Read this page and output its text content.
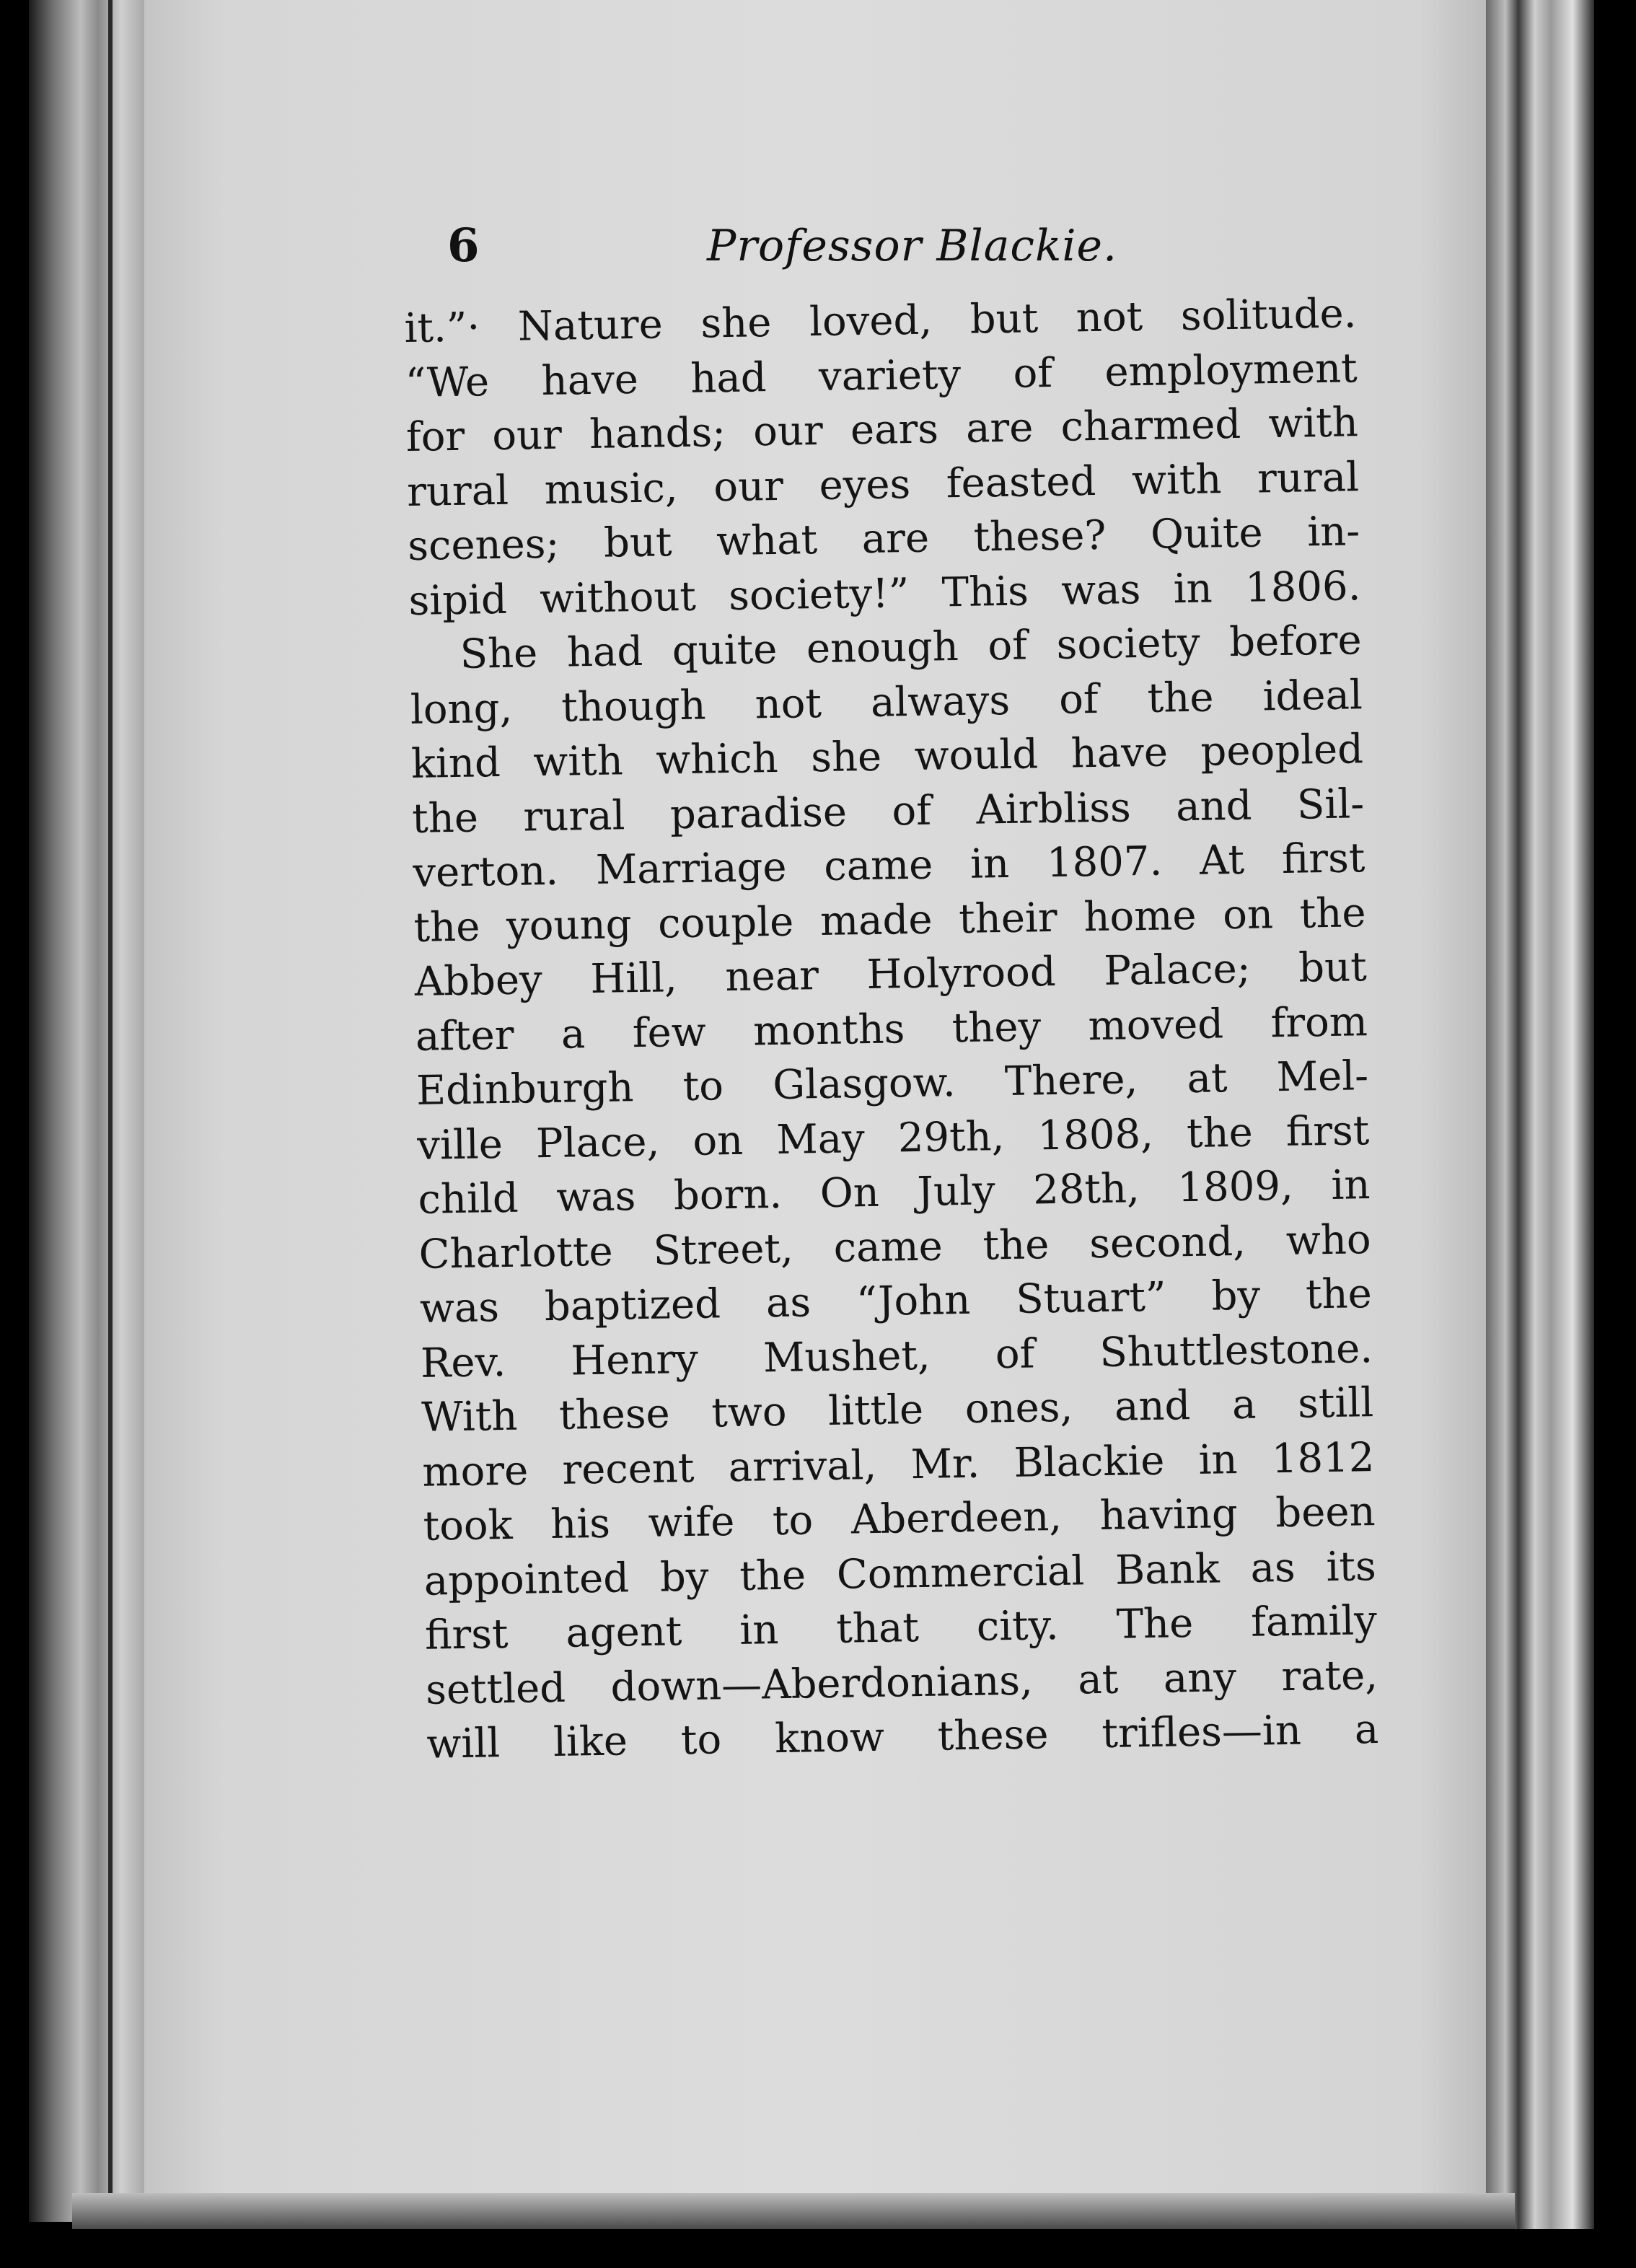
6	Professor Blackie.
it.”· Nature she loved, but not solitude.
“We have had variety of employment
for our hands; our ears are charmed with
rural music, our eyes feasted with rural
scenes; but what are these? Quite in-
sipid without society!” This was in 1806.
She had quite enough of society before
long, though not always of the ideal
kind with which she would have peopled
the rural paradise of Airbliss and Sil-
verton. Marriage came in 1807. At first
the young couple made their home on the
Abbey Hill, near Holyrood Palace; but
after a few months they moved from
Edinburgh to Glasgow. There, at Mel-
ville Place, on May 29th, 1808, the first
child was born. On July 28th, 1809, in
Charlotte Street, came the second, who
was baptized as “John Stuart” by the
Rev. Henry Mushet, of Shuttlestone.
With these two little ones, and a still
more recent arrival, Mr. Blackie in 1812
took his wife to Aberdeen, having been
appointed by the Commercial Bank as its
first agent in that city. The family
settled down—Aberdonians, at any rate,
will like to know these trifles—in a
